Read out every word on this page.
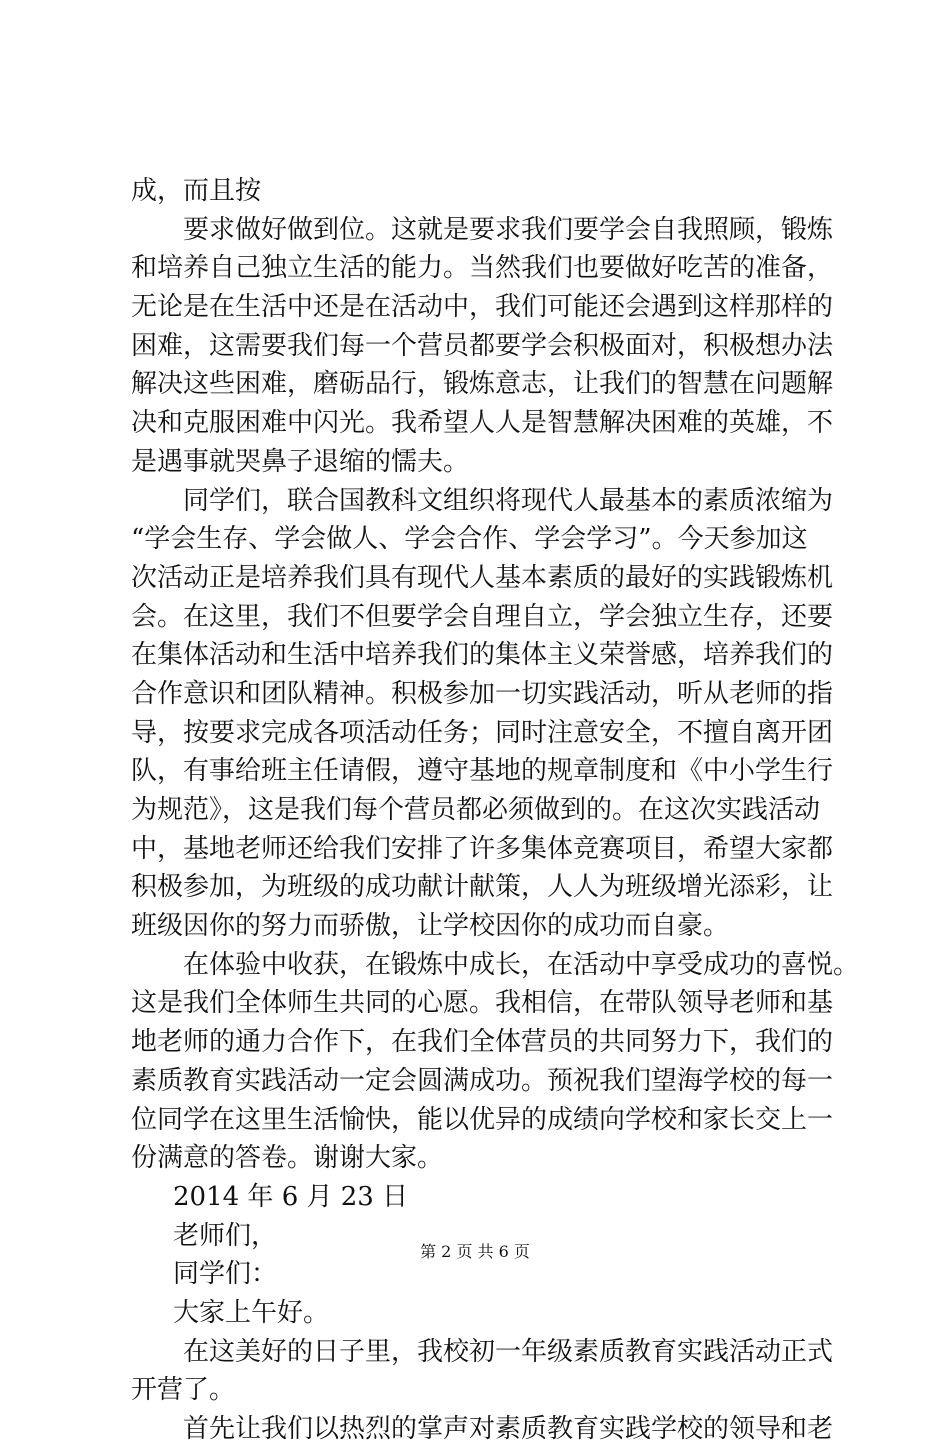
成，而且按
要求做好做到位。这就是要求我们要学会自我照顾，锻炼
和培养自己独立生活的能力。当然我们也要做好吃苦的准备，
无论是在生活中还是在活动中，我们可能还会遇到这样那样的
困难，这需要我们每一个营员都要学会积极面对，积极想办法
解决这些困难，磨砺品行，锻炼意志，让我们的智慧在问题解
决和克服困难中闪光。我希望人人是智慧解决困难的英雄，不
是遇事就哭鼻子退缩的懦夫。
同学们，联合国教科文组织将现代人最基本的素质浓缩为
“学会生存、学会做人、学会合作、学会学习”。今天参加这
次活动正是培养我们具有现代人基本素质的最好的实践锻炼机
会。在这里，我们不但要学会自理自立，学会独立生存，还要
在集体活动和生活中培养我们的集体主义荣誉感，培养我们的
合作意识和团队精神。积极参加一切实践活动，听从老师的指
导，按要求完成各项活动任务；同时注意安全，不擅自离开团
队，有事给班主任请假，遵守基地的规章制度和《中小学生行
为规范》，这是我们每个营员都必须做到的。在这次实践活动
中，基地老师还给我们安排了许多集体竞赛项目，希望大家都
积极参加，为班级的成功献计献策，人人为班级增光添彩，让
班级因你的努力而骄傲，让学校因你的成功而自豪。
在体验中收获，在锻炼中成长，在活动中享受成功的喜悦。
这是我们全体师生共同的心愿。我相信，在带队领导老师和基
地老师的通力合作下，在我们全体营员的共同努力下，我们的
素质教育实践活动一定会圆满成功。预祝我们望海学校的每一
位同学在这里生活愉快，能以优异的成绩向学校和家长交上一
份满意的答卷。谢谢大家。
2014 年 6 月 23 日
老师们，
同学们：
大家上午好。
在这美好的日子里，我校初一年级素质教育实践活动正式
开营了。
首先让我们以热烈的掌声对素质教育实践学校的领导和老
第 2 页 共 6 页
